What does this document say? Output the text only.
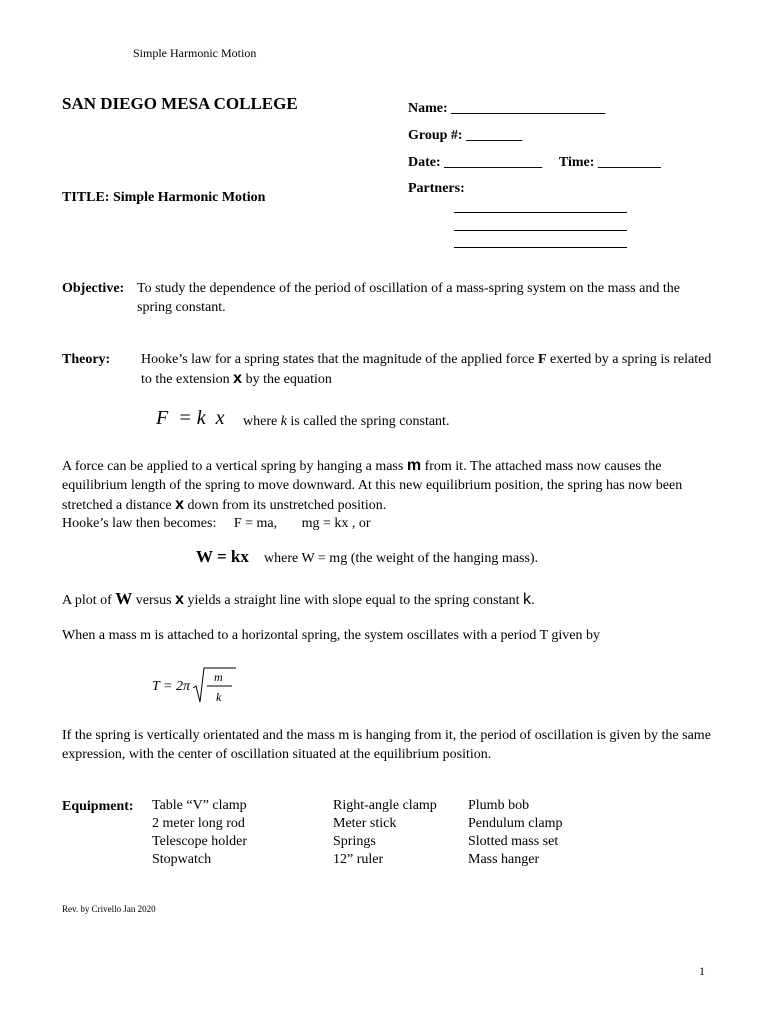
Simple Harmonic Motion
SAN DIEGO MESA COLLEGE
TITLE: Simple Harmonic Motion
Name: ______________________
Group #: ________
Date: ______________ Time: _________
Partners:
Objective: To study the dependence of the period of oscillation of a mass-spring system on the mass and the spring constant.
Theory: Hooke’s law for a spring states that the magnitude of the applied force F exerted by a spring is related to the extension x by the equation
F  = k  x where k is called the spring constant.
A force can be applied to a vertical spring by hanging a mass m from it. The attached mass now causes the equilibrium length of the spring to move downward. At this new equilibrium position, the spring has now been stretched a distance x down from its unstretched position.
Hooke’s law then becomes:     F = ma,       mg = kx , or
W = kx where W = mg (the weight of the hanging mass).
A plot of W versus x yields a straight line with slope equal to the spring constant k.
When a mass m is attached to a horizontal spring, the system oscillates with a period T given by
T = 2π
m
k
If the spring is vertically orientated and the mass m is hanging from it, the period of oscillation is given by the same expression, with the center of oscillation situated at the equilibrium position.
Equipment: Table “V” clamp
2 meter long rod
Telescope holder
Stopwatch
Right-angle clamp
Meter stick
Springs
12” ruler
Plumb bob
Pendulum clamp
Slotted mass set
Mass hanger
Rev. by Crivello Jan 2020
1
